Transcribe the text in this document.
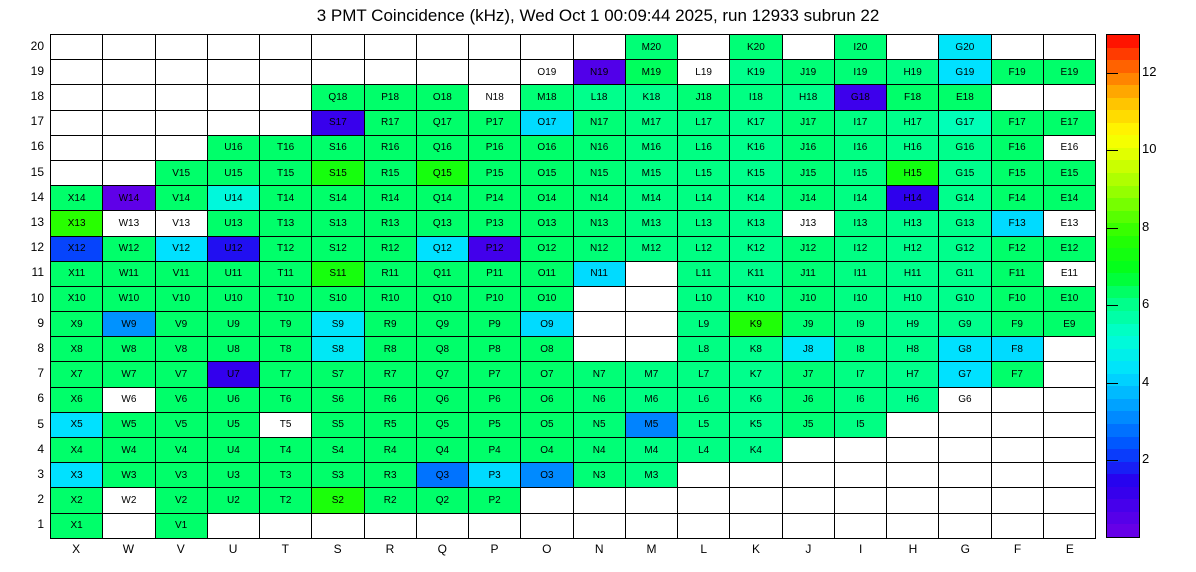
3 PMT Coincidence (kHz), Wed Oct 1 00:09:44 2025, run 12933 subrun 22
											M20		K20		I20		G20		
									O19	N19	M19	L19	K19	J19	I19	H19	G19	F19	E19
					Q18	P18	O18	N18	M18	L18	K18	J18	I18	H18	G18	F18	E18		
					S17	R17	Q17	P17	O17	N17	M17	L17	K17	J17	I17	H17	G17	F17	E17
			U16	T16	S16	R16	Q16	P16	O16	N16	M16	L16	K16	J16	I16	H16	G16	F16	E16
		V15	U15	T15	S15	R15	Q15	P15	O15	N15	M15	L15	K15	J15	I15	H15	G15	F15	E15
X14	W14	V14	U14	T14	S14	R14	Q14	P14	O14	N14	M14	L14	K14	J14	I14	H14	G14	F14	E14
X13	W13	V13	U13	T13	S13	R13	Q13	P13	O13	N13	M13	L13	K13	J13	I13	H13	G13	F13	E13
X12	W12	V12	U12	T12	S12	R12	Q12	P12	O12	N12	M12	L12	K12	J12	I12	H12	G12	F12	E12
X11	W11	V11	U11	T11	S11	R11	Q11	P11	O11	N11		L11	K11	J11	I11	H11	G11	F11	E11
X10	W10	V10	U10	T10	S10	R10	Q10	P10	O10			L10	K10	J10	I10	H10	G10	F10	E10
X9	W9	V9	U9	T9	S9	R9	Q9	P9	O9			L9	K9	J9	I9	H9	G9	F9	E9
X8	W8	V8	U8	T8	S8	R8	Q8	P8	O8			L8	K8	J8	I8	H8	G8	F8	
X7	W7	V7	U7	T7	S7	R7	Q7	P7	O7	N7	M7	L7	K7	J7	I7	H7	G7	F7	
X6	W6	V6	U6	T6	S6	R6	Q6	P6	O6	N6	M6	L6	K6	J6	I6	H6	G6		
X5	W5	V5	U5	T5	S5	R5	Q5	P5	O5	N5	M5	L5	K5	J5	I5				
X4	W4	V4	U4	T4	S4	R4	Q4	P4	O4	N4	M4	L4	K4						
X3	W3	V3	U3	T3	S3	R3	Q3	P3	O3	N3	M3								
X2	W2	V2	U2	T2	S2	R2	Q2	P2											
X1		V1																	
20
19
18
17
16
15
14
13
12
11
10
9
8
7
6
5
4
3
2
1
X	W	V	U	T	S	R	Q	P	O	N	M	L	K	J	I	H	G	F	E
2
4
6
8
10
12
